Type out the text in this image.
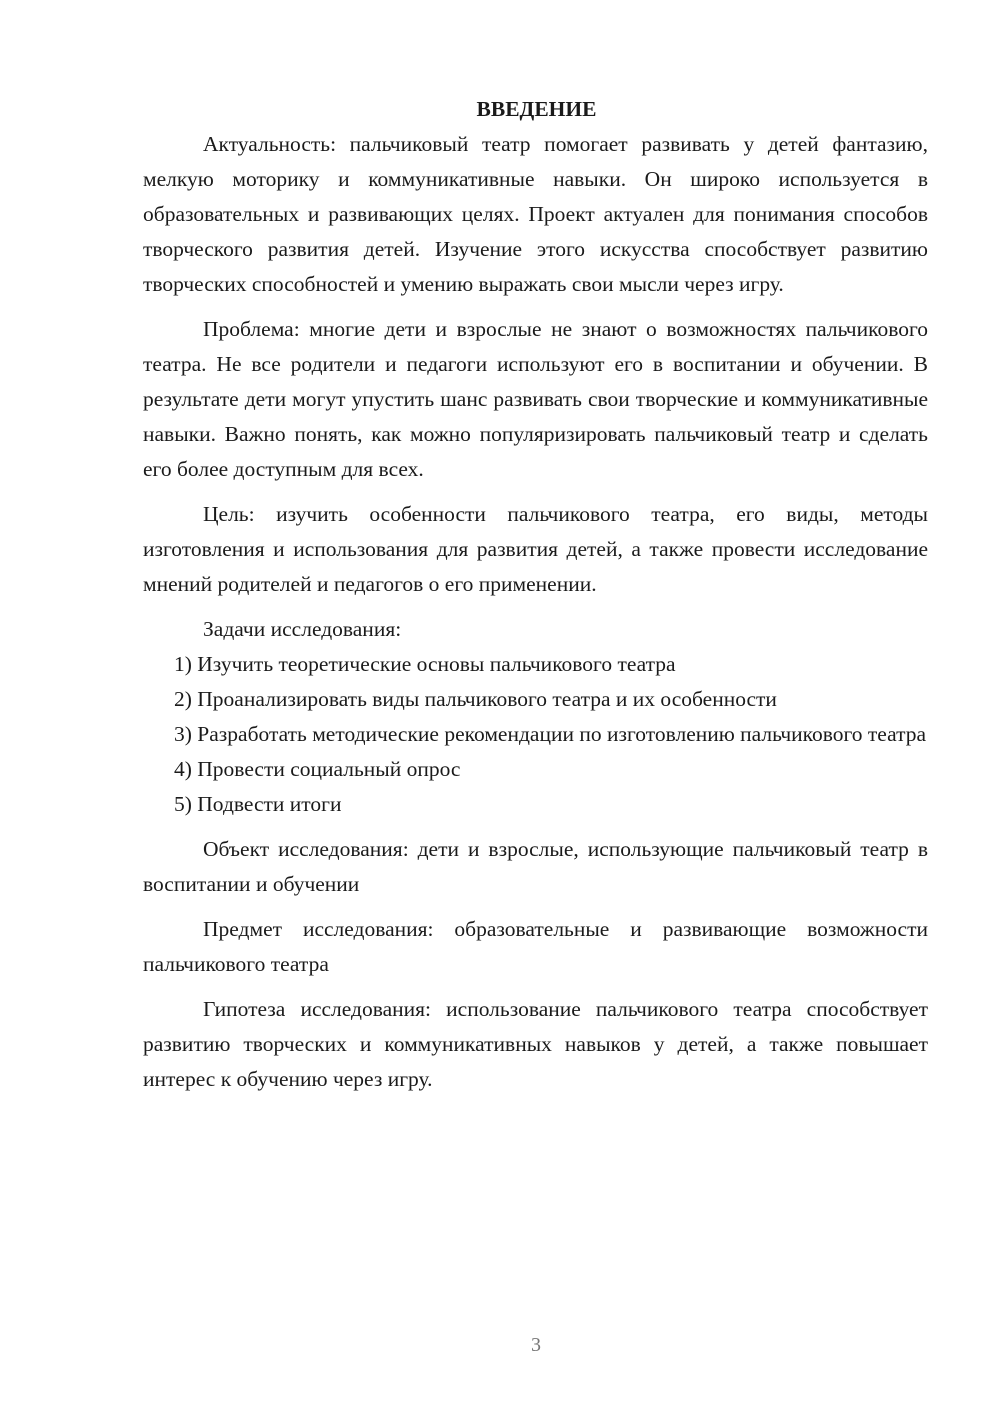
ВВЕДЕНИЕ

Актуальность: пальчиковый театр помогает развивать у детей фантазию, мелкую моторику и коммуникативные навыки. Он широко используется в образовательных и развивающих целях. Проект актуален для понимания способов творческого развития детей. Изучение этого искусства способствует развитию творческих способностей и умению выражать свои мысли через игру.

Проблема: многие дети и взрослые не знают о возможностях пальчикового театра. Не все родители и педагоги используют его в воспитании и обучении. В результате дети могут упустить шанс развивать свои творческие и коммуникативные навыки. Важно понять, как можно популяризировать пальчиковый театр и сделать его более доступным для всех.

Цель: изучить особенности пальчикового театра, его виды, методы изготовления и использования для развития детей, а также провести исследование мнений родителей и педагогов о его применении.

Задачи исследования:

1) Изучить теоретические основы пальчикового театра

2) Проанализировать виды пальчикового театра и их особенности

3) Разработать методические рекомендации по изготовлению пальчикового театра

4) Провести социальный опрос

5) Подвести итоги

Объект исследования: дети и взрослые, использующие пальчиковый театр в воспитании и обучении

Предмет исследования: образовательные и развивающие возможности пальчикового театра

Гипотеза исследования: использование пальчикового театра способствует развитию творческих и коммуникативных навыков у детей, а также повышает интерес к обучению через игру.

3
